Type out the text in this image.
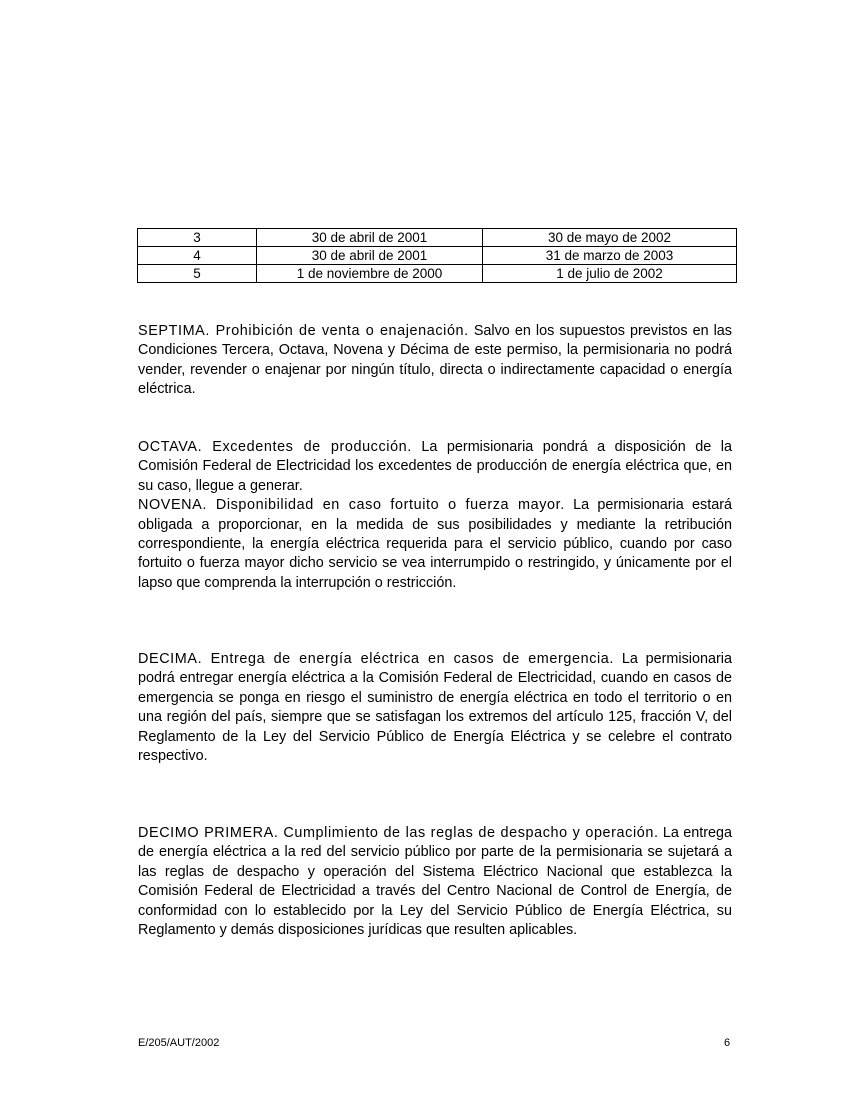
3	30 de abril de 2001	30 de mayo de 2002
4	30 de abril de 2001	31 de marzo de 2003
5	1 de noviembre de 2000	1 de julio de 2002

SEPTIMA. Prohibición de venta o enajenación. Salvo en los supuestos previstos en las Condiciones Tercera, Octava, Novena y Décima de este permiso, la permisionaria no podrá vender, revender o enajenar por ningún título, directa o indirectamente capacidad o energía eléctrica.

OCTAVA. Excedentes de producción. La permisionaria pondrá a disposición de la Comisión Federal de Electricidad los excedentes de producción de energía eléctrica que, en su caso, llegue a generar.

NOVENA. Disponibilidad en caso fortuito o fuerza mayor. La permisionaria estará obligada a proporcionar, en la medida de sus posibilidades y mediante la retribución correspondiente, la energía eléctrica requerida para el servicio público, cuando por caso fortuito o fuerza mayor dicho servicio se vea interrumpido o restringido, y únicamente por el lapso que comprenda la interrupción o restricción.

DECIMA. Entrega de energía eléctrica en casos de emergencia. La permisionaria podrá entregar energía eléctrica a la Comisión Federal de Electricidad, cuando en casos de emergencia se ponga en riesgo el suministro de energía eléctrica en todo el territorio o en una región del país, siempre que se satisfagan los extremos del artículo 125, fracción V, del Reglamento de la Ley del Servicio Público de Energía Eléctrica y se celebre el contrato respectivo.

DECIMO PRIMERA. Cumplimiento de las reglas de despacho y operación. La entrega de energía eléctrica a la red del servicio público por parte de la permisionaria se sujetará a las reglas de despacho y operación del Sistema Eléctrico Nacional que establezca la Comisión Federal de Electricidad a través del Centro Nacional de Control de Energía, de conformidad con lo establecido por la Ley del Servicio Público de Energía Eléctrica, su Reglamento y demás disposiciones jurídicas que resulten aplicables.

E/205/AUT/2002	6
